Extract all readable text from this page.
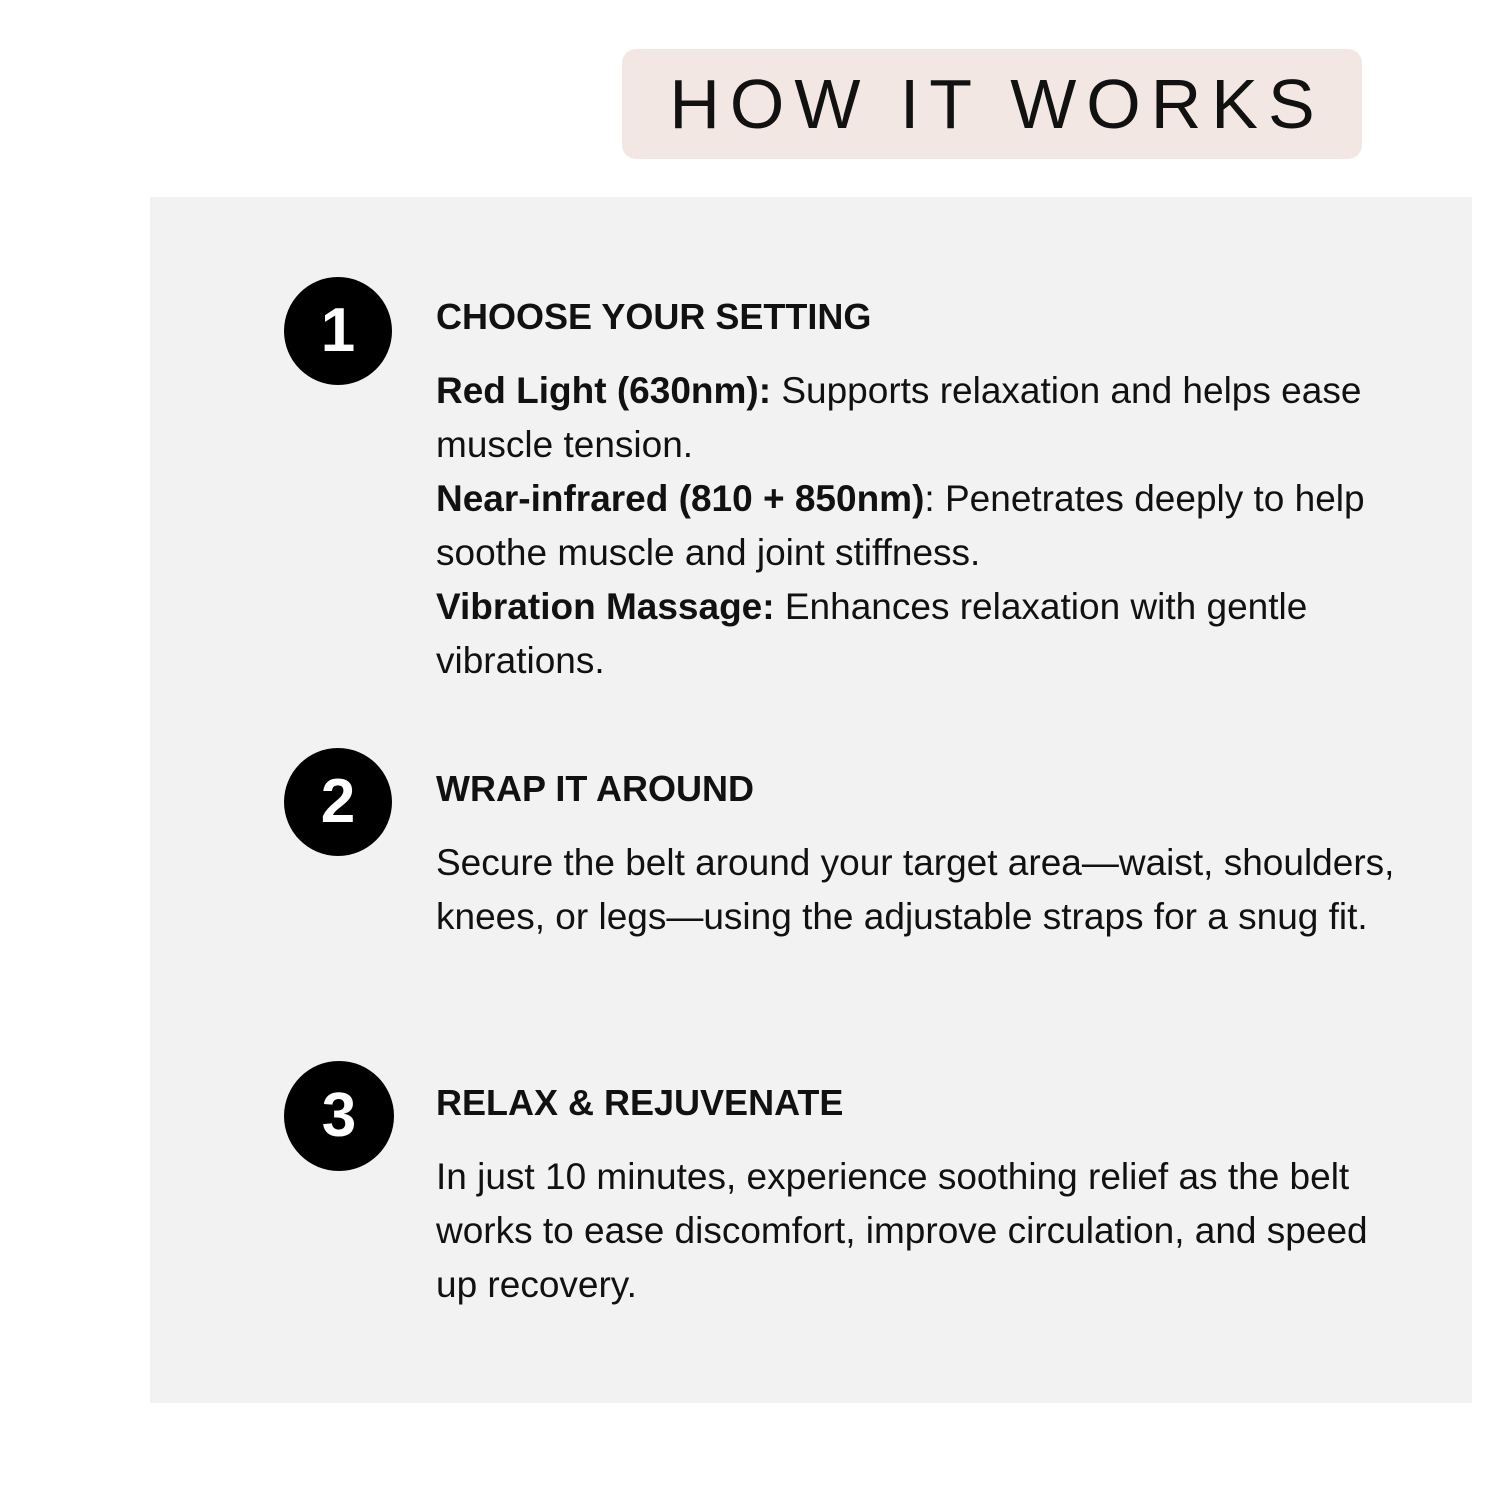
HOW IT WORKS
1	CHOOSE YOUR SETTING

Red Light (630nm): Supports relaxation and helps ease muscle tension.
Near-infrared (810 + 850nm): Penetrates deeply to help soothe muscle and joint stiffness.
Vibration Massage: Enhances relaxation with gentle vibrations.

2	WRAP IT AROUND

Secure the belt around your target area—waist, shoulders, knees, or legs—using the adjustable straps for a snug fit.

3	RELAX & REJUVENATE

In just 10 minutes, experience soothing relief as the belt works to ease discomfort, improve circulation, and speed up recovery.
